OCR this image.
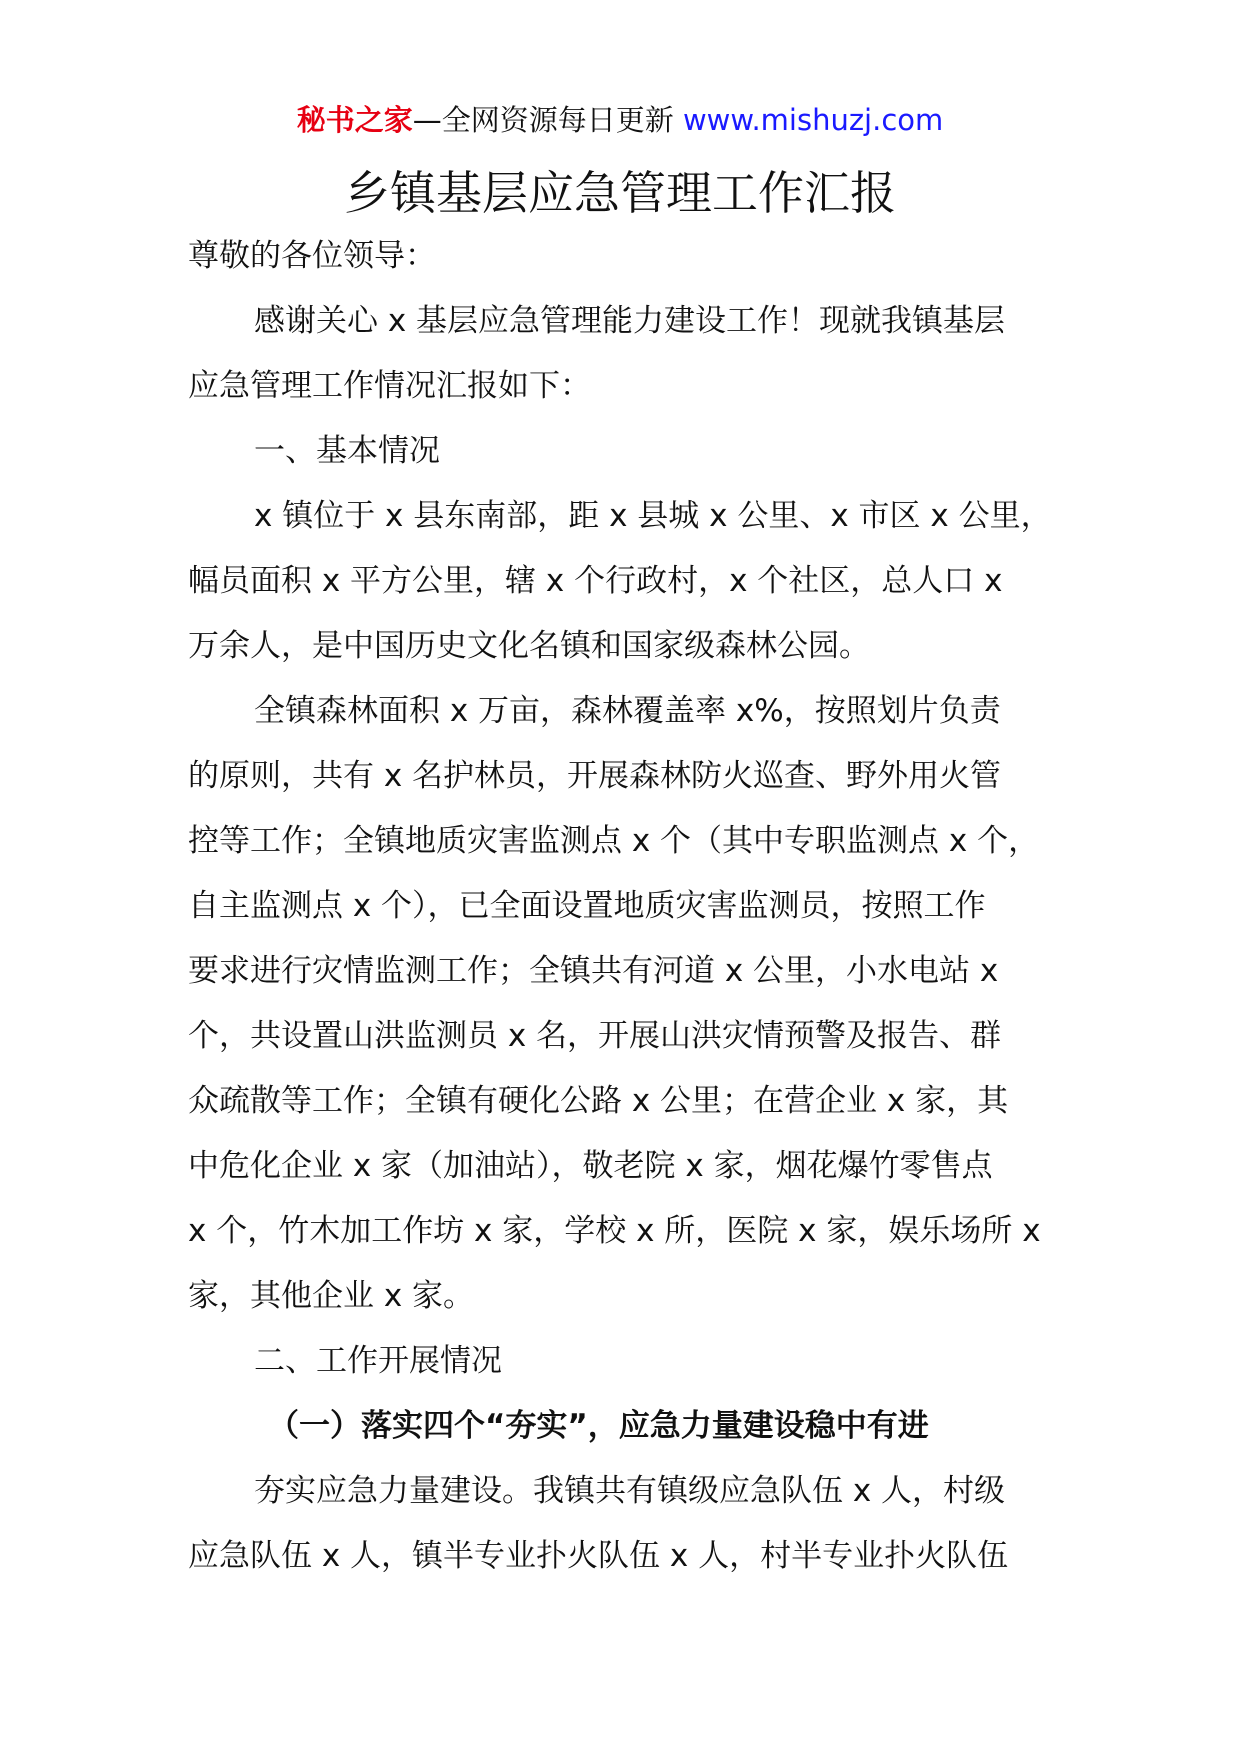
秘书之家—全网资源每日更新 www.mishuzj.com
乡镇基层应急管理工作汇报
尊敬的各位领导：
感谢关心 x 基层应急管理能力建设工作！现就我镇基层
应急管理工作情况汇报如下：
一、基本情况
x 镇位于 x 县东南部，距 x 县城 x 公里、x 市区 x 公里，
幅员面积 x 平方公里，辖 x 个行政村，x 个社区，总人口 x
万余人，是中国历史文化名镇和国家级森林公园。
全镇森林面积 x 万亩，森林覆盖率 x%，按照划片负责
的原则，共有 x 名护林员，开展森林防火巡查、野外用火管
控等工作；全镇地质灾害监测点 x 个（其中专职监测点 x 个，
自主监测点 x 个），已全面设置地质灾害监测员，按照工作
要求进行灾情监测工作；全镇共有河道 x 公里，小水电站 x
个，共设置山洪监测员 x 名，开展山洪灾情预警及报告、群
众疏散等工作；全镇有硬化公路 x 公里；在营企业 x 家，其
中危化企业 x 家（加油站），敬老院 x 家，烟花爆竹零售点
x 个，竹木加工作坊 x 家，学校 x 所，医院 x 家，娱乐场所 x
家，其他企业 x 家。
二、工作开展情况
（一）落实四个“夯实”，应急力量建设稳中有进
夯实应急力量建设。我镇共有镇级应急队伍 x 人，村级
应急队伍 x 人，镇半专业扑火队伍 x 人，村半专业扑火队伍
